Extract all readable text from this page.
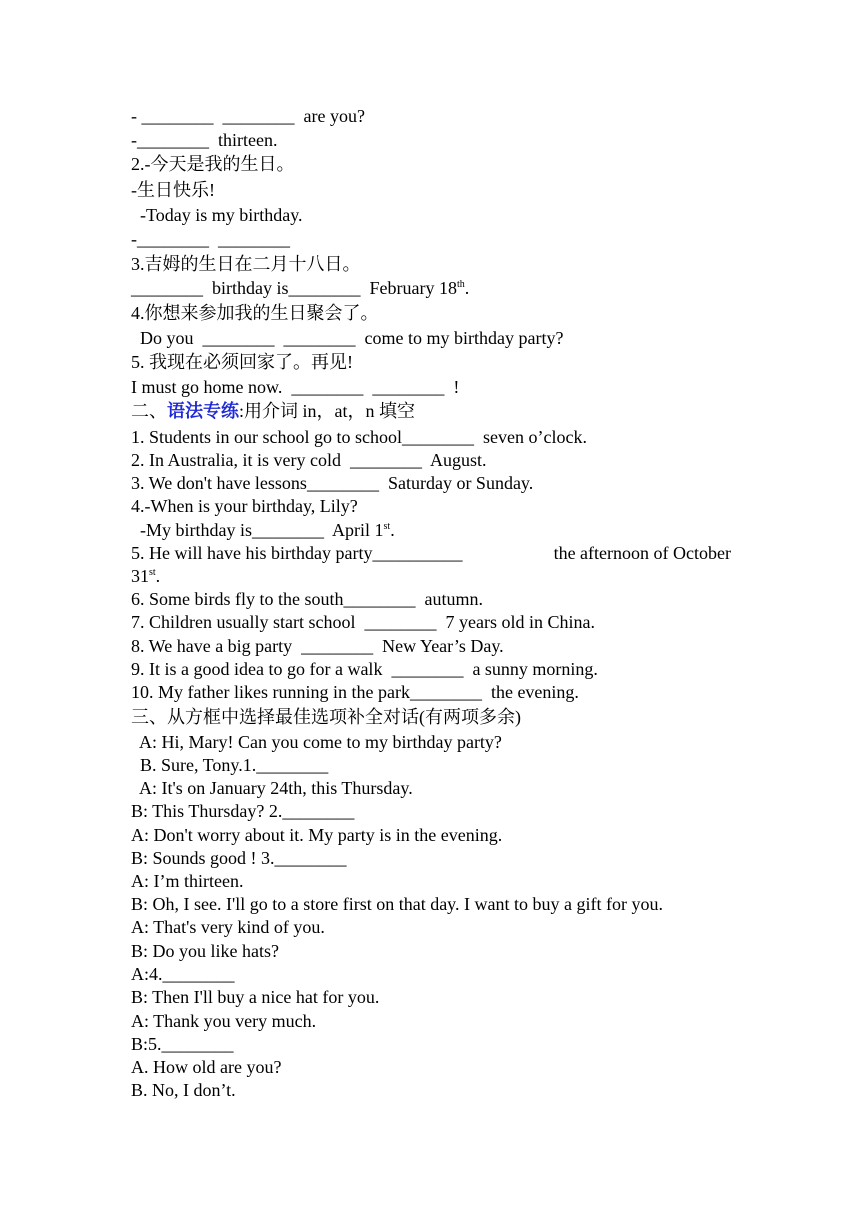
- ________ ________  are you?
-________  thirteen.
2.-今天是我的生日。
-生日快乐!
-Today is my birthday.
-________ ________
3.吉姆的生日在二月十八日。
________  birthday is________  February 18th.
4.你想来参加我的生日聚会了。
Do you  ________ ________  come to my birthday party?
5. 我现在必须回家了。再见!
I must go home now.  ________ ________  !
二、语法专练:用介词 in，at，n 填空
1. Students in our school go to school________  seven o’clock.
2. In Australia, it is very cold  ________  August.
3. We don't have lessons________  Saturday or Sunday.
4.-When is your birthday, Lily?
-My birthday is________  April 1st.
5. He will have his birthday party__________	the afternoon of October
31st.
6. Some birds fly to the south________  autumn.
7. Children usually start school  ________  7 years old in China.
8. We have a big party  ________  New Year’s Day.
9. It is a good idea to go for a walk  ________  a sunny morning.
10. My father likes running in the park________  the evening.
三、从方框中选择最佳选项补全对话(有两项多余)
A: Hi, Mary! Can you come to my birthday party?
B. Sure, Tony.1.________
A: It's on January 24th, this Thursday.
B: This Thursday? 2.________
A: Don't worry about it. My party is in the evening.
B: Sounds good ! 3.________
A: I’m thirteen.
B: Oh, I see. I'll go to a store first on that day. I want to buy a gift for you.
A: That's very kind of you.
B: Do you like hats?
A:4.________
B: Then I'll buy a nice hat for you.
A: Thank you very much.
B:5.________
A. How old are you?
B. No, I don’t.
